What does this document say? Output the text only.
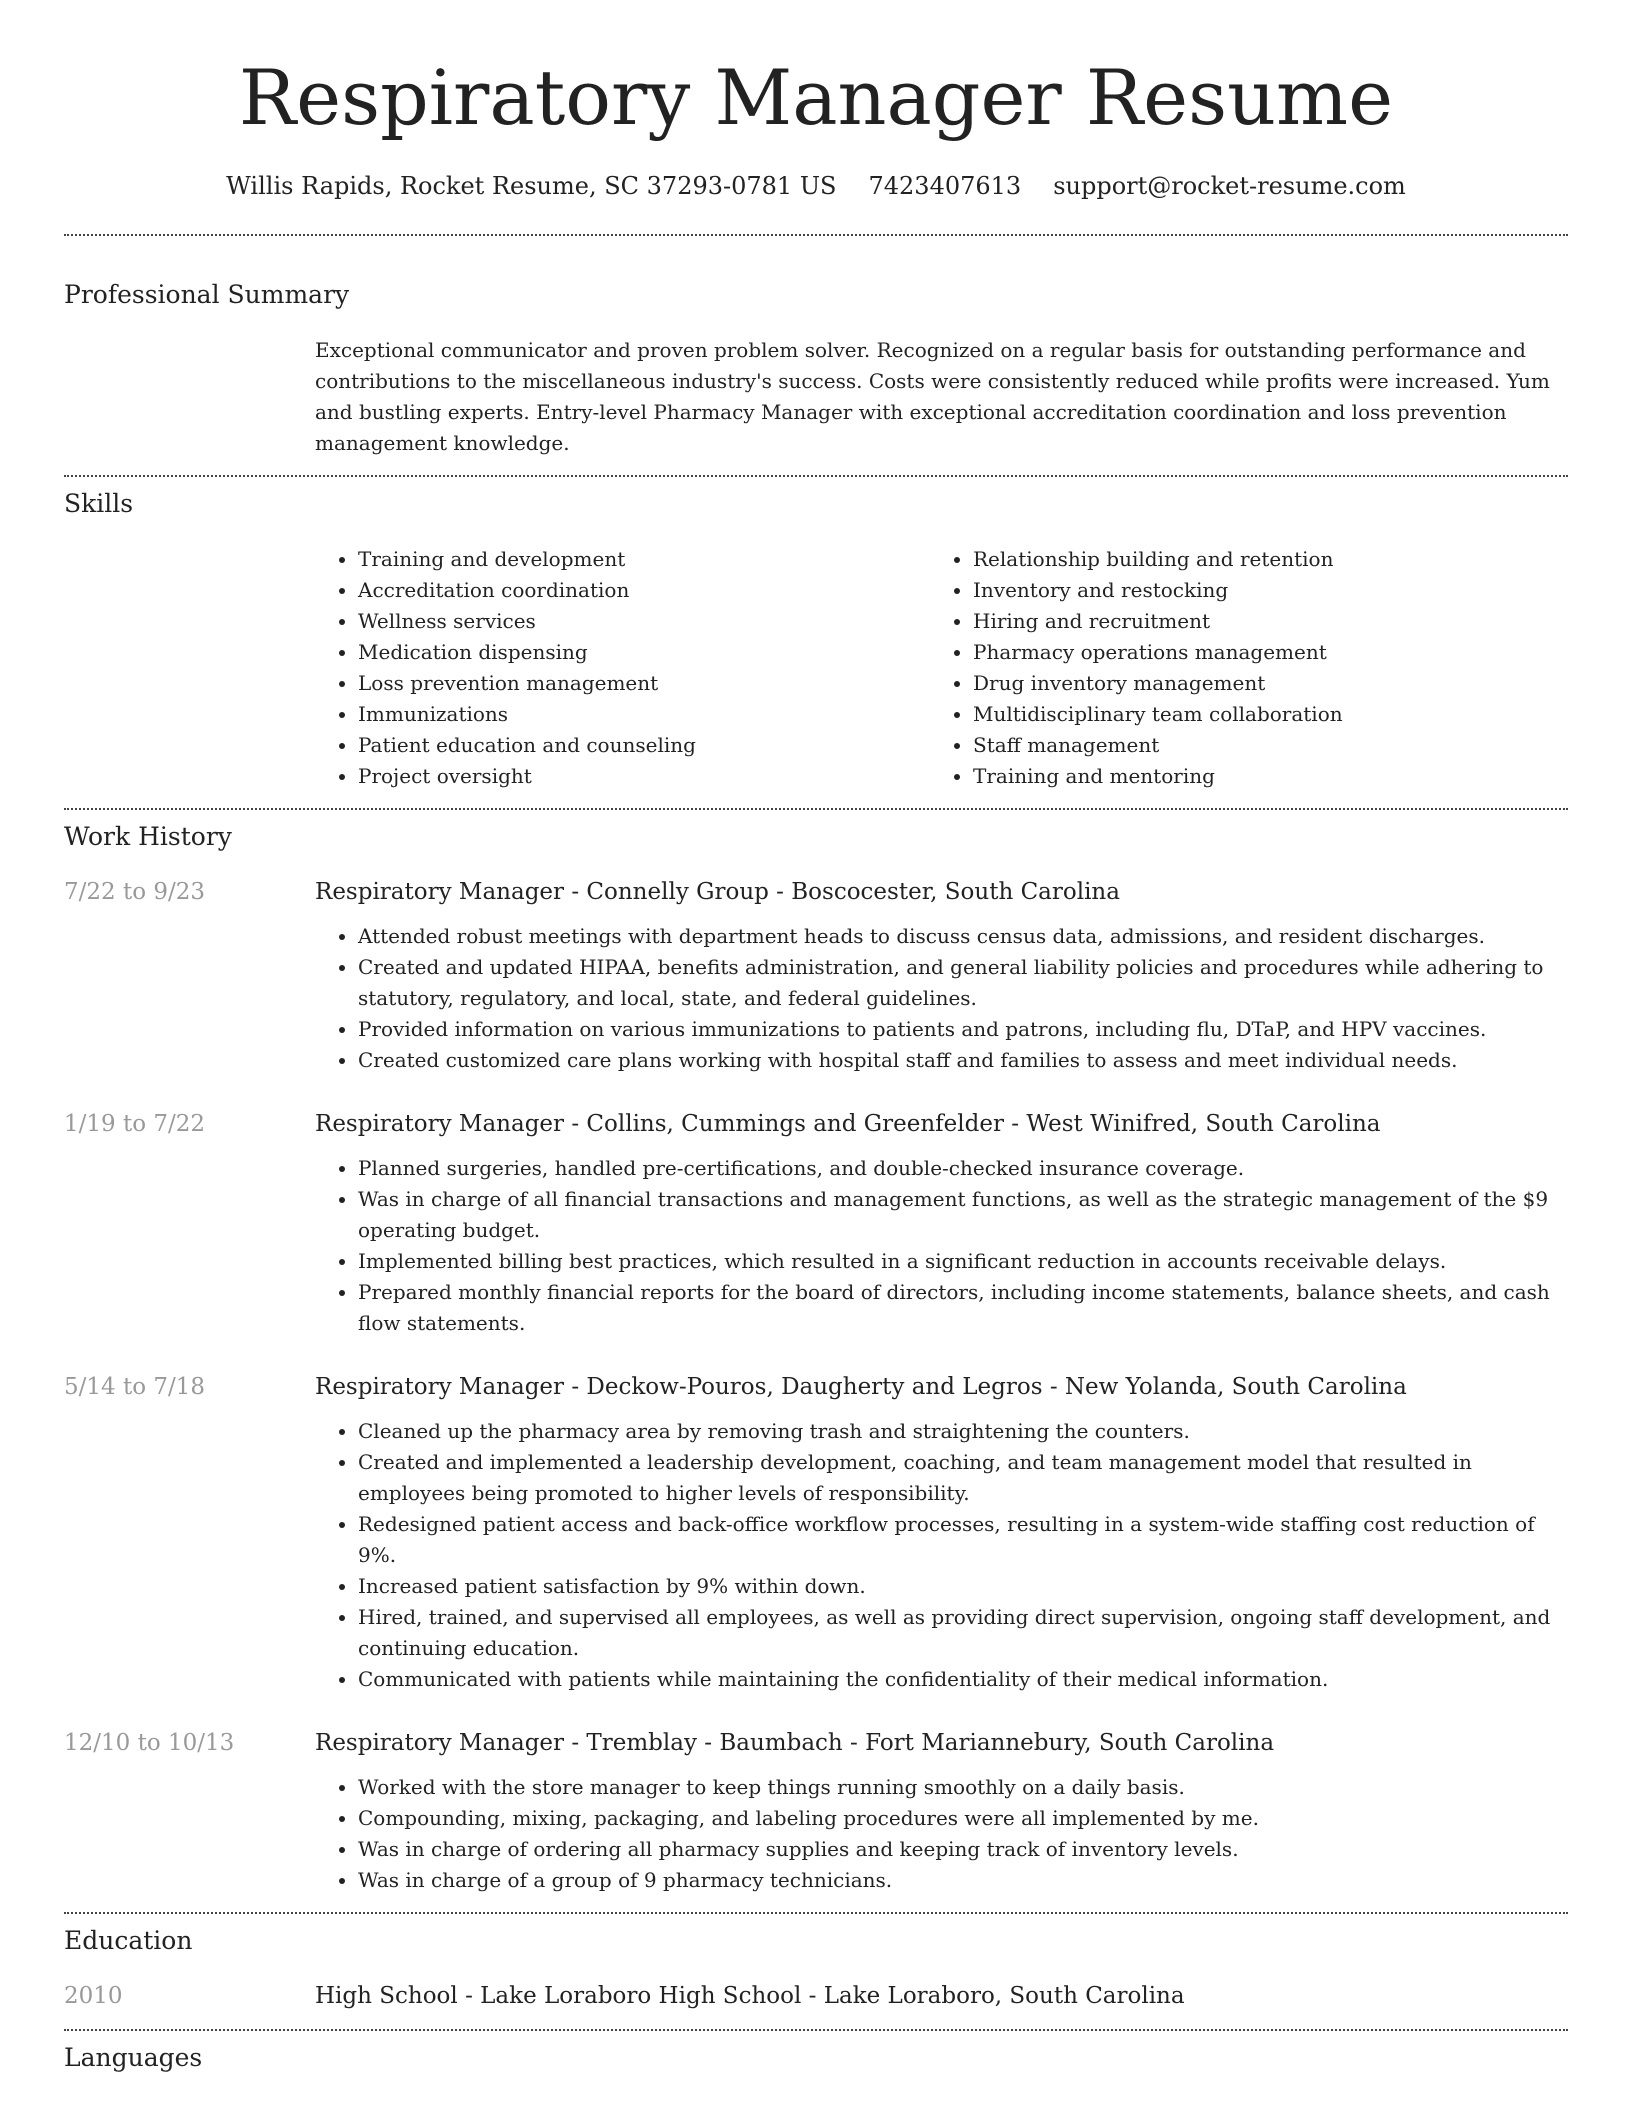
Respiratory Manager Resume
Willis Rapids, Rocket Resume, SC 37293-0781 US 7423407613 support@rocket-resume.com
Professional Summary

Exceptional communicator and proven problem solver. Recognized on a regular basis for outstanding performance and contributions to the miscellaneous industry's success. Costs were consistently reduced while profits were increased. Yum and bustling experts. Entry-level Pharmacy Manager with exceptional accreditation coordination and loss prevention management knowledge.

Skills
• Training and development
• Accreditation coordination
• Wellness services
• Medication dispensing
• Loss prevention management
• Immunizations
• Patient education and counseling
• Project oversight
• Relationship building and retention
• Inventory and restocking
• Hiring and recruitment
• Pharmacy operations management
• Drug inventory management
• Multidisciplinary team collaboration
• Staff management
• Training and mentoring
Work History
7/22 to 9/23	Respiratory Manager - Connelly Group - Boscocester, South Carolina
• Attended robust meetings with department heads to discuss census data, admissions, and resident discharges.
• Created and updated HIPAA, benefits administration, and general liability policies and procedures while adhering to statutory, regulatory, and local, state, and federal guidelines.
• Provided information on various immunizations to patients and patrons, including flu, DTaP, and HPV vaccines.
• Created customized care plans working with hospital staff and families to assess and meet individual needs.
1/19 to 7/22	Respiratory Manager - Collins, Cummings and Greenfelder - West Winifred, South Carolina
• Planned surgeries, handled pre-certifications, and double-checked insurance coverage.
• Was in charge of all financial transactions and management functions, as well as the strategic management of the $9 operating budget.
• Implemented billing best practices, which resulted in a significant reduction in accounts receivable delays.
• Prepared monthly financial reports for the board of directors, including income statements, balance sheets, and cash flow statements.
5/14 to 7/18	Respiratory Manager - Deckow-Pouros, Daugherty and Legros - New Yolanda, South Carolina
• Cleaned up the pharmacy area by removing trash and straightening the counters.
• Created and implemented a leadership development, coaching, and team management model that resulted in employees being promoted to higher levels of responsibility.
• Redesigned patient access and back-office workflow processes, resulting in a system-wide staffing cost reduction of 9%.
• Increased patient satisfaction by 9% within down.
• Hired, trained, and supervised all employees, as well as providing direct supervision, ongoing staff development, and continuing education.
• Communicated with patients while maintaining the confidentiality of their medical information.
12/10 to 10/13	Respiratory Manager - Tremblay - Baumbach - Fort Mariannebury, South Carolina
• Worked with the store manager to keep things running smoothly on a daily basis.
• Compounding, mixing, packaging, and labeling procedures were all implemented by me.
• Was in charge of ordering all pharmacy supplies and keeping track of inventory levels.
• Was in charge of a group of 9 pharmacy technicians.
Education
2010	High School - Lake Loraboro High School - Lake Loraboro, South Carolina
Languages
